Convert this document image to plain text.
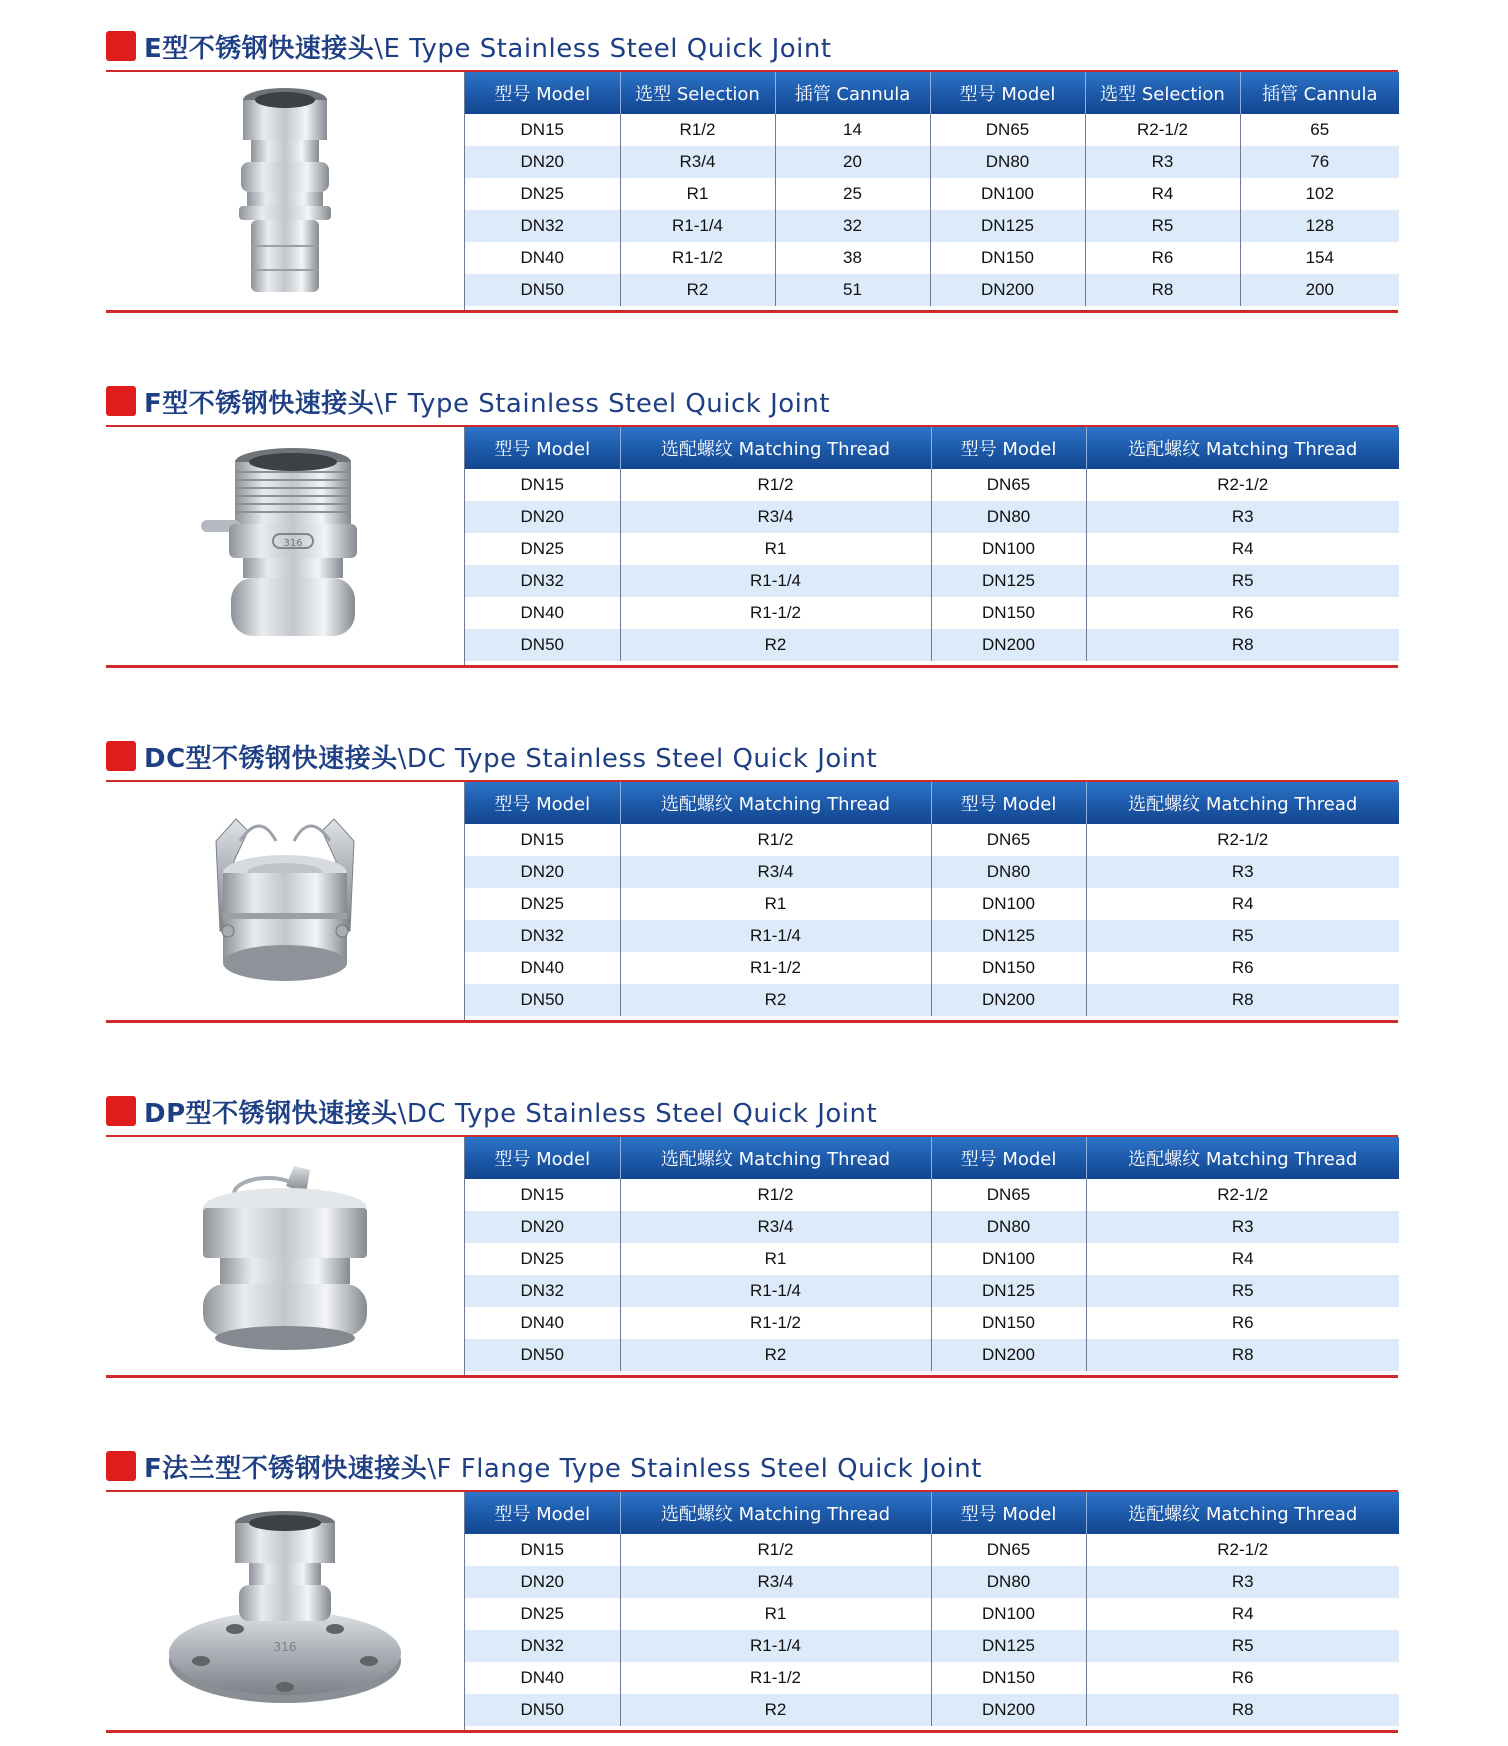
E型不锈钢快速接头\E Type Stainless Steel Quick Joint
型号 Model	选型 Selection	插管 Cannula	型号 Model	选型 Selection	插管 Cannula
DN15	R1/2	14	DN65	R2-1/2	65
DN20	R3/4	20	DN80	R3	76
DN25	R1	25	DN100	R4	102
DN32	R1-1/4	32	DN125	R5	128
DN40	R1-1/2	38	DN150	R6	154
DN50	R2	51	DN200	R8	200
F型不锈钢快速接头\F Type Stainless Steel Quick Joint
316
型号 Model	选配螺纹 Matching Thread	型号 Model	选配螺纹 Matching Thread
DN15	R1/2	DN65	R2-1/2
DN20	R3/4	DN80	R3
DN25	R1	DN100	R4
DN32	R1-1/4	DN125	R5
DN40	R1-1/2	DN150	R6
DN50	R2	DN200	R8
DC型不锈钢快速接头\DC Type Stainless Steel Quick Joint
型号 Model	选配螺纹 Matching Thread	型号 Model	选配螺纹 Matching Thread
DN15	R1/2	DN65	R2-1/2
DN20	R3/4	DN80	R3
DN25	R1	DN100	R4
DN32	R1-1/4	DN125	R5
DN40	R1-1/2	DN150	R6
DN50	R2	DN200	R8
DP型不锈钢快速接头\DC Type Stainless Steel Quick Joint
型号 Model	选配螺纹 Matching Thread	型号 Model	选配螺纹 Matching Thread
DN15	R1/2	DN65	R2-1/2
DN20	R3/4	DN80	R3
DN25	R1	DN100	R4
DN32	R1-1/4	DN125	R5
DN40	R1-1/2	DN150	R6
DN50	R2	DN200	R8
F法兰型不锈钢快速接头\F Flange Type Stainless Steel Quick Joint
316
型号 Model	选配螺纹 Matching Thread	型号 Model	选配螺纹 Matching Thread
DN15	R1/2	DN65	R2-1/2
DN20	R3/4	DN80	R3
DN25	R1	DN100	R4
DN32	R1-1/4	DN125	R5
DN40	R1-1/2	DN150	R6
DN50	R2	DN200	R8
